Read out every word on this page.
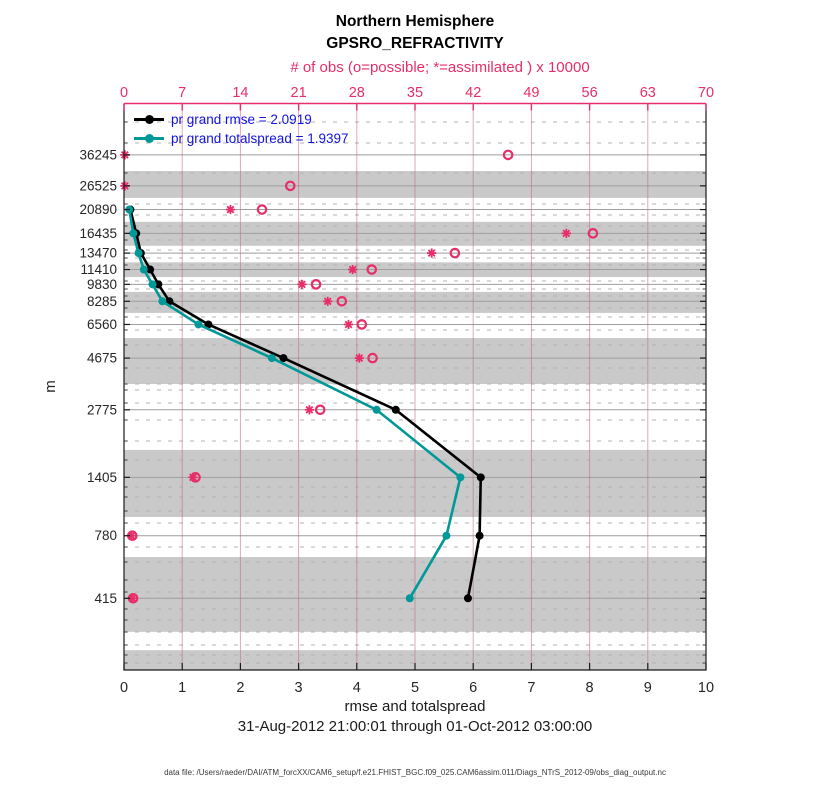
0	1	2	3	4	5	6	7	8	9	10
0	7	14	21	28	35	42	49	56	63	70
36245
26525
20890
16435
13470
11410
9830
8285
6560
4675
2775
1405
780
415
Northern Hemisphere
GPSRO_REFRACTIVITY
# of obs (o=possible; *=assimilated ) x 10000
m
rmse and totalspread
31-Aug-2012 21:00:01 through 01-Oct-2012 03:00:00
data file: /Users/raeder/DAI/ATM_forcXX/CAM6_setup/f.e21.FHIST_BGC.f09_025.CAM6assim.011/Diags_NTrS_2012-09/obs_diag_output.nc
pr grand rmse = 2.0919
pr grand totalspread = 1.9397
